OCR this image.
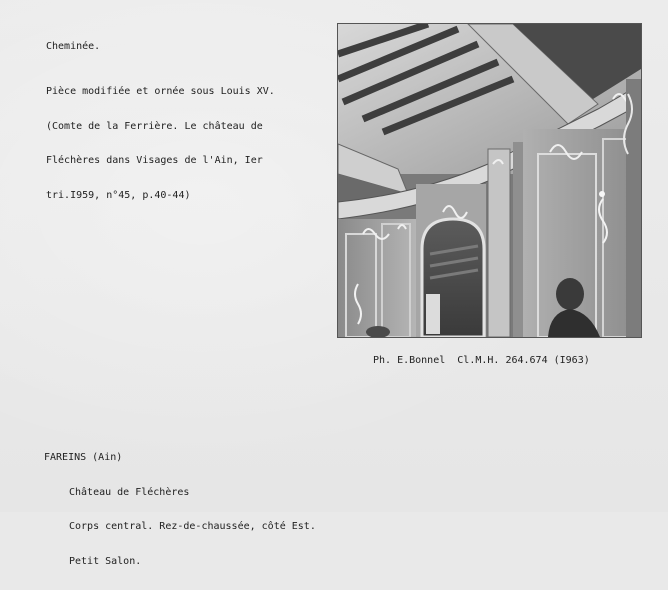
Cheminée.

Pièce modifiée et ornée sous Louis XV.

(Comte de la Ferrière. Le château de

Fléchères dans Visages de l'Ain, Ier

tri.I959, n°45, p.40-44)

Ph. E.Bonnel  Cl.M.H. 264.674 (I963)

FAREINS (Ain)

Château de Fléchères

Corps central. Rez-de-chaussée, côté Est.

Petit Salon.
